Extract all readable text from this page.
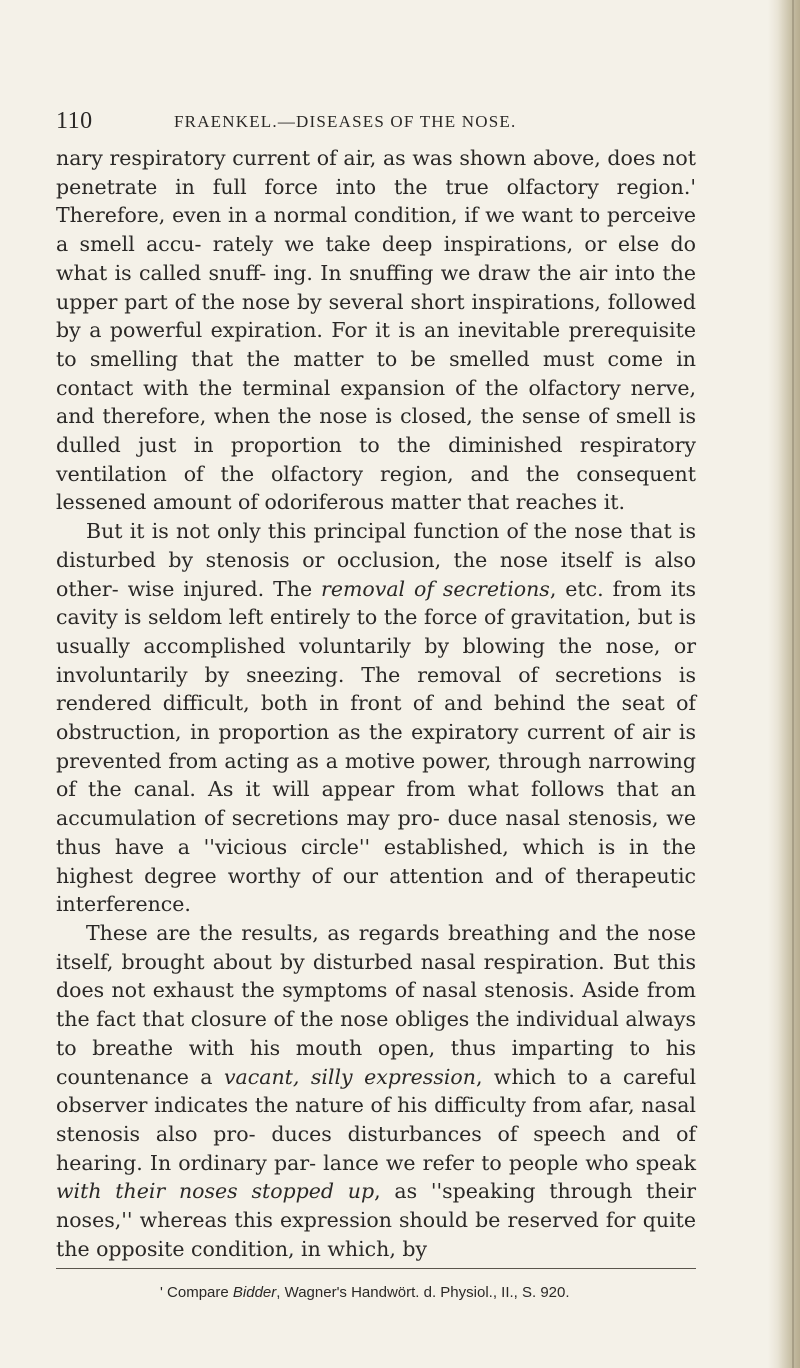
110	FRAENKEL.—DISEASES OF THE NOSE.

nary respiratory current of air, as was shown above, does not penetrate in full force into the true olfactory region.' Therefore, even in a normal condition, if we want to perceive a smell accu- rately we take deep inspirations, or else do what is called snuff- ing. In snuffing we draw the air into the upper part of the nose by several short inspirations, followed by a powerful expiration. For it is an inevitable prerequisite to smelling that the matter to be smelled must come in contact with the terminal expansion of the olfactory nerve, and therefore, when the nose is closed, the sense of smell is dulled just in proportion to the diminished respiratory ventilation of the olfactory region, and the consequent lessened amount of odoriferous matter that reaches it.

But it is not only this principal function of the nose that is disturbed by stenosis or occlusion, the nose itself is also other- wise injured. The removal of secretions, etc. from its cavity is seldom left entirely to the force of gravitation, but is usually accomplished voluntarily by blowing the nose, or involuntarily by sneezing. The removal of secretions is rendered difficult, both in front of and behind the seat of obstruction, in proportion as the expiratory current of air is prevented from acting as a motive power, through narrowing of the canal. As it will appear from what follows that an accumulation of secretions may pro- duce nasal stenosis, we thus have a ''vicious circle'' established, which is in the highest degree worthy of our attention and of therapeutic interference.

These are the results, as regards breathing and the nose itself, brought about by disturbed nasal respiration. But this does not exhaust the symptoms of nasal stenosis. Aside from the fact that closure of the nose obliges the individual always to breathe with his mouth open, thus imparting to his countenance a vacant, silly expression, which to a careful observer indicates the nature of his difficulty from afar, nasal stenosis also pro- duces disturbances of speech and of hearing. In ordinary par- lance we refer to people who speak with their noses stopped up, as ''speaking through their noses,'' whereas this expression should be reserved for quite the opposite condition, in which, by

' Compare Bidder, Wagner's Handwört. d. Physiol., II., S. 920.
